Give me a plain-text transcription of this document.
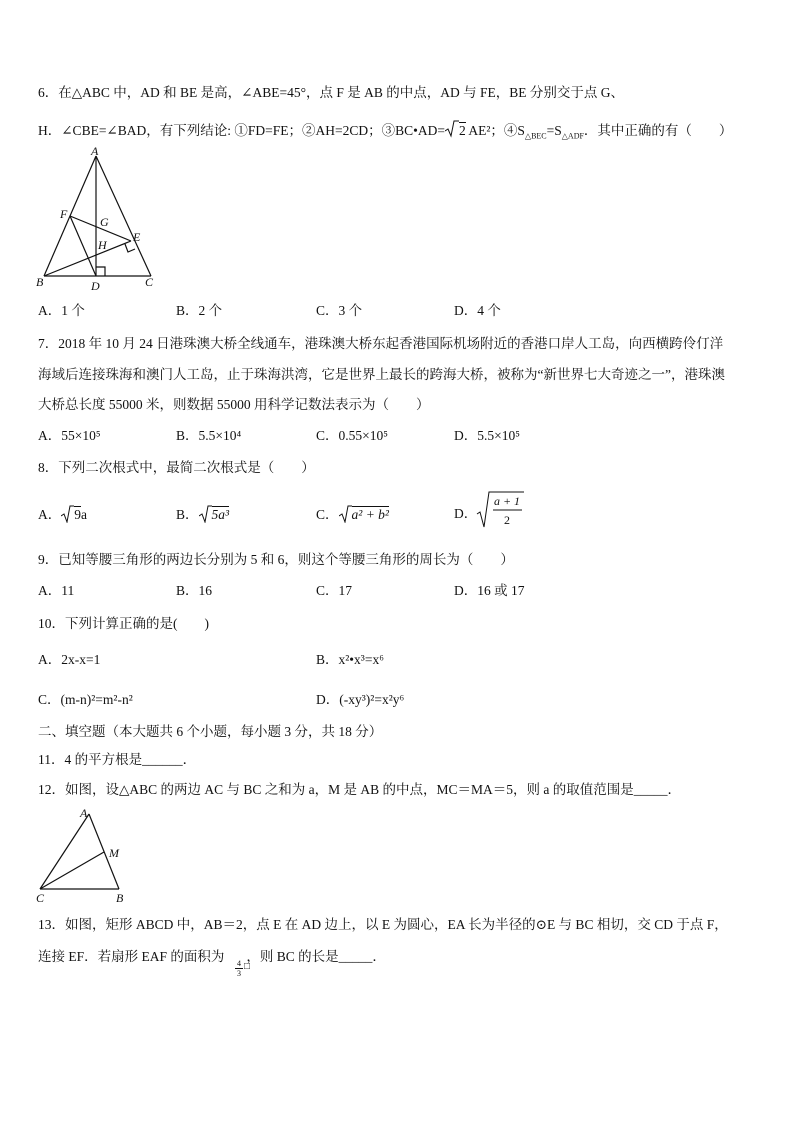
6．在△ABC 中，AD 和 BE 是高，∠ABE=45°，点 F 是 AB 的中点，AD 与 FE，BE 分别交于点 G、
H．∠CBE=∠BAD，有下列结论: ①FD=FE；②AH=2CD；③BC•AD= 2 AE²；$④S_{\triangle BEC}=S_{\triangle ADF}$．其中正确的有（　　）
A
F
G
E
H
B	D	C
A．1 个	B．2 个	C．3 个	D．4 个
7．2018 年 10 月 24 日港珠澳大桥全线通车，港珠澳大桥东起香港国际机场附近的香港口岸人工岛，向西横跨伶仃洋
海域后连接珠海和澳门人工岛，止于珠海洪湾，它是世界上最长的跨海大桥，被称为“新世界七大奇迹之一”，港珠澳
大桥总长度 55000 米，则数据 55000 用科学记数法表示为（　　）
A．55×10⁵	B．5.5×10⁴	C．0.55×10⁵	D．5.5×10⁵
8．下列二次根式中，最简二次根式是（　　）
A． 9a	B． 5a³	C． a² + b²	D．
a + 1
2
9．已知等腰三角形的两边长分别为 5 和 6，则这个等腰三角形的周长为（　　）
A．11	B．16	C．17	D．16 或 17
10．下列计算正确的是(　　)
A．2x-x=1	B．x²•x³=x⁶
C．(m-n)²=m²-n²	D．(-xy³)²=x²y⁶
二、填空题（本大题共 6 个小题，每小题 3 分，共 18 分）
11．4 的平方根是______．
12．如图，设△ABC 的两边 AC 与 BC 之和为 a，M 是 AB 的中点，MC＝MA＝5，则 a 的取值范围是_____．
A
M
C	B
13．如图，矩形 ABCD 中，AB＝2，点 E 在 AD 边上，以 E 为圆心，EA 长为半径的⊙E 与 BC 相切，交 CD 于点 F，
连接 EF．若扇形 EAF 的面积为 ，则 BC 的长是_____．
$\frac{4}{3}$ □
